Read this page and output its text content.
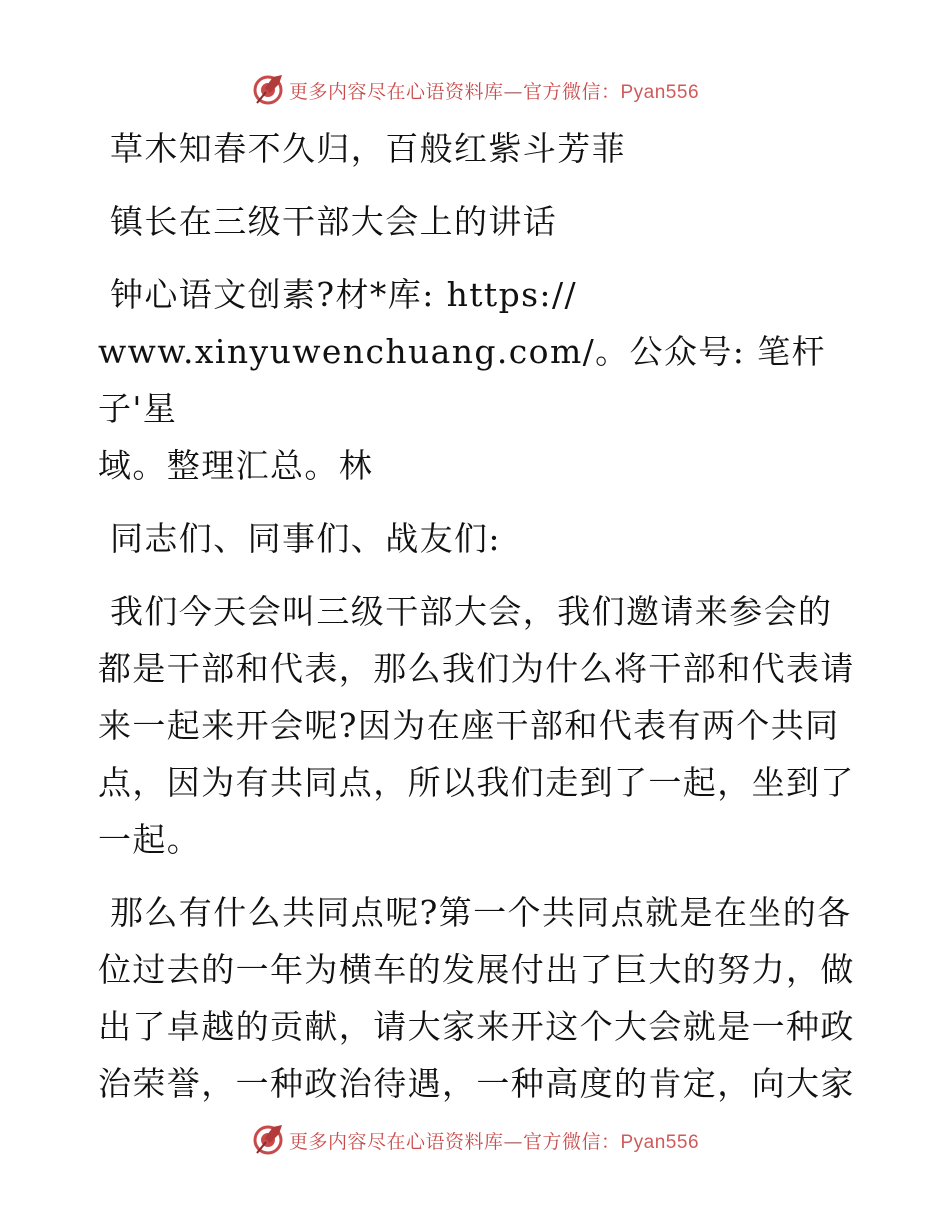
更多内容尽在心语资料库—官方微信：Pyan556

草木知春不久归，百般红紫斗芳菲

镇长在三级干部大会上的讲话

钟心语文创素?材*库: https://
www.xinyuwenchuang.com/。公众号: 笔杆子'星
域。整理汇总。林

同志们、同事们、战友们:

我们今天会叫三级干部大会，我们邀请来参会的
都是干部和代表，那么我们为什么将干部和代表请
来一起来开会呢?因为在座干部和代表有两个共同
点，因为有共同点，所以我们走到了一起，坐到了
一起。

那么有什么共同点呢?第一个共同点就是在坐的各
位过去的一年为横车的发展付出了巨大的努力，做
出了卓越的贡献，请大家来开这个大会就是一种政
治荣誉，一种政治待遇，一种高度的肯定，向大家

更多内容尽在心语资料库—官方微信：Pyan556
